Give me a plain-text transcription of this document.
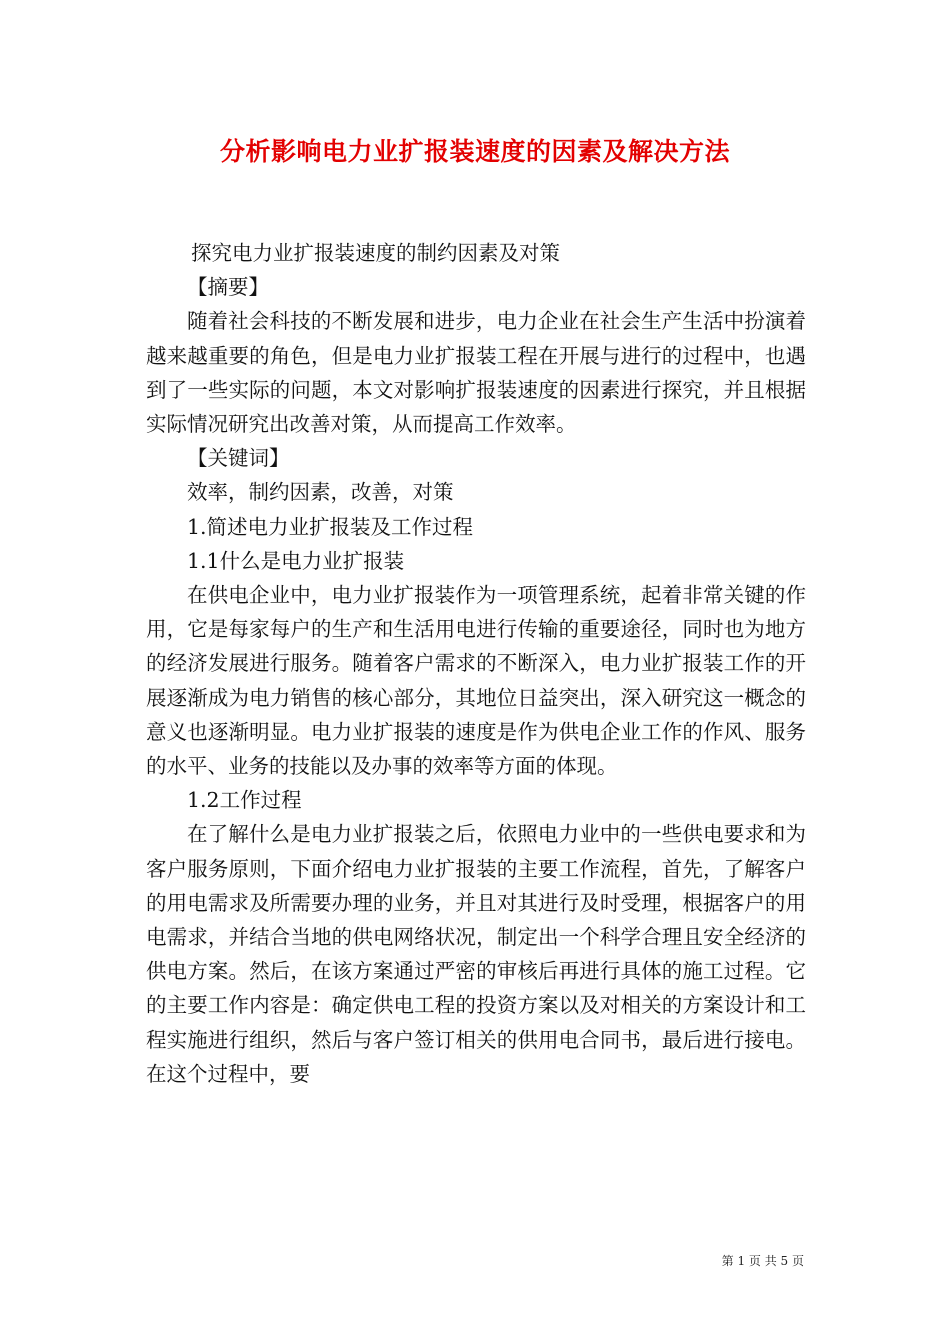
分析影响电力业扩报装速度的因素及解决方法

探究电力业扩报装速度的制约因素及对策

【摘要】

随着社会科技的不断发展和进步，电力企业在社会生产生活中扮演着越来越重要的角色，但是电力业扩报装工程在开展与进行的过程中，也遇到了一些实际的问题，本文对影响扩报装速度的因素进行探究，并且根据实际情况研究出改善对策，从而提高工作效率。

【关键词】

效率，制约因素，改善，对策

1.简述电力业扩报装及工作过程

1.1什么是电力业扩报装

在供电企业中，电力业扩报装作为一项管理系统，起着非常关键的作用，它是每家每户的生产和生活用电进行传输的重要途径，同时也为地方的经济发展进行服务。随着客户需求的不断深入，电力业扩报装工作的开展逐渐成为电力销售的核心部分，其地位日益突出，深入研究这一概念的意义也逐渐明显。电力业扩报装的速度是作为供电企业工作的作风、服务的水平、业务的技能以及办事的效率等方面的体现。

1.2工作过程

在了解什么是电力业扩报装之后，依照电力业中的一些供电要求和为客户服务原则，下面介绍电力业扩报装的主要工作流程，首先，了解客户的用电需求及所需要办理的业务，并且对其进行及时受理，根据客户的用电需求，并结合当地的供电网络状况，制定出一个科学合理且安全经济的供电方案。然后，在该方案通过严密的审核后再进行具体的施工过程。它的主要工作内容是：确定供电工程的投资方案以及对相关的方案设计和工程实施进行组织，然后与客户签订相关的供用电合同书，最后进行接电。在这个过程中，要

第 1 页 共 5 页
